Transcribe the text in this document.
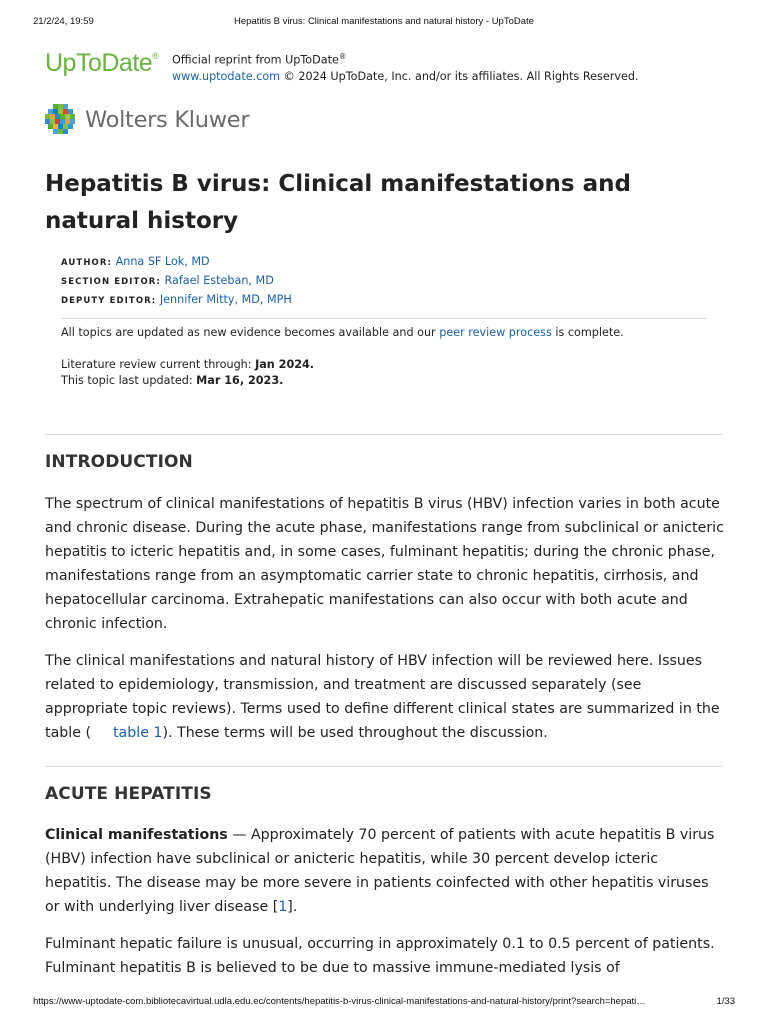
21/2/24, 19:59	Hepatitis B virus: Clinical manifestations and natural history - UpToDate
UpToDate® Official reprint from UpToDate®
www.uptodate.com © 2024 UpToDate, Inc. and/or its affiliates. All Rights Reserved.
Wolters Kluwer
Hepatitis B virus: Clinical manifestations and natural history
AUTHOR: Anna SF Lok, MD
SECTION EDITOR: Rafael Esteban, MD
DEPUTY EDITOR: Jennifer Mitty, MD, MPH
All topics are updated as new evidence becomes available and our peer review process is complete.
Literature review current through: Jan 2024.
This topic last updated: Mar 16, 2023.
INTRODUCTION

The spectrum of clinical manifestations of hepatitis B virus (HBV) infection varies in both acute and chronic disease. During the acute phase, manifestations range from subclinical or anicteric hepatitis to icteric hepatitis and, in some cases, fulminant hepatitis; during the chronic phase, manifestations range from an asymptomatic carrier state to chronic hepatitis, cirrhosis, and hepatocellular carcinoma. Extrahepatic manifestations can also occur with both acute and chronic infection.

The clinical manifestations and natural history of HBV infection will be reviewed here. Issues related to epidemiology, transmission, and treatment are discussed separately (see appropriate topic reviews). Terms used to define different clinical states are summarized in the table ( table 1). These terms will be used throughout the discussion.

ACUTE HEPATITIS

Clinical manifestations — Approximately 70 percent of patients with acute hepatitis B virus (HBV) infection have subclinical or anicteric hepatitis, while 30 percent develop icteric hepatitis. The disease may be more severe in patients coinfected with other hepatitis viruses or with underlying liver disease [1].

Fulminant hepatic failure is unusual, occurring in approximately 0.1 to 0.5 percent of patients. Fulminant hepatitis B is believed to be due to massive immune-mediated lysis of

https://www-uptodate-com.bibliotecavirtual.udla.edu.ec/contents/hepatitis-b-virus-clinical-manifestations-and-natural-history/print?search=hepati…	1/33
